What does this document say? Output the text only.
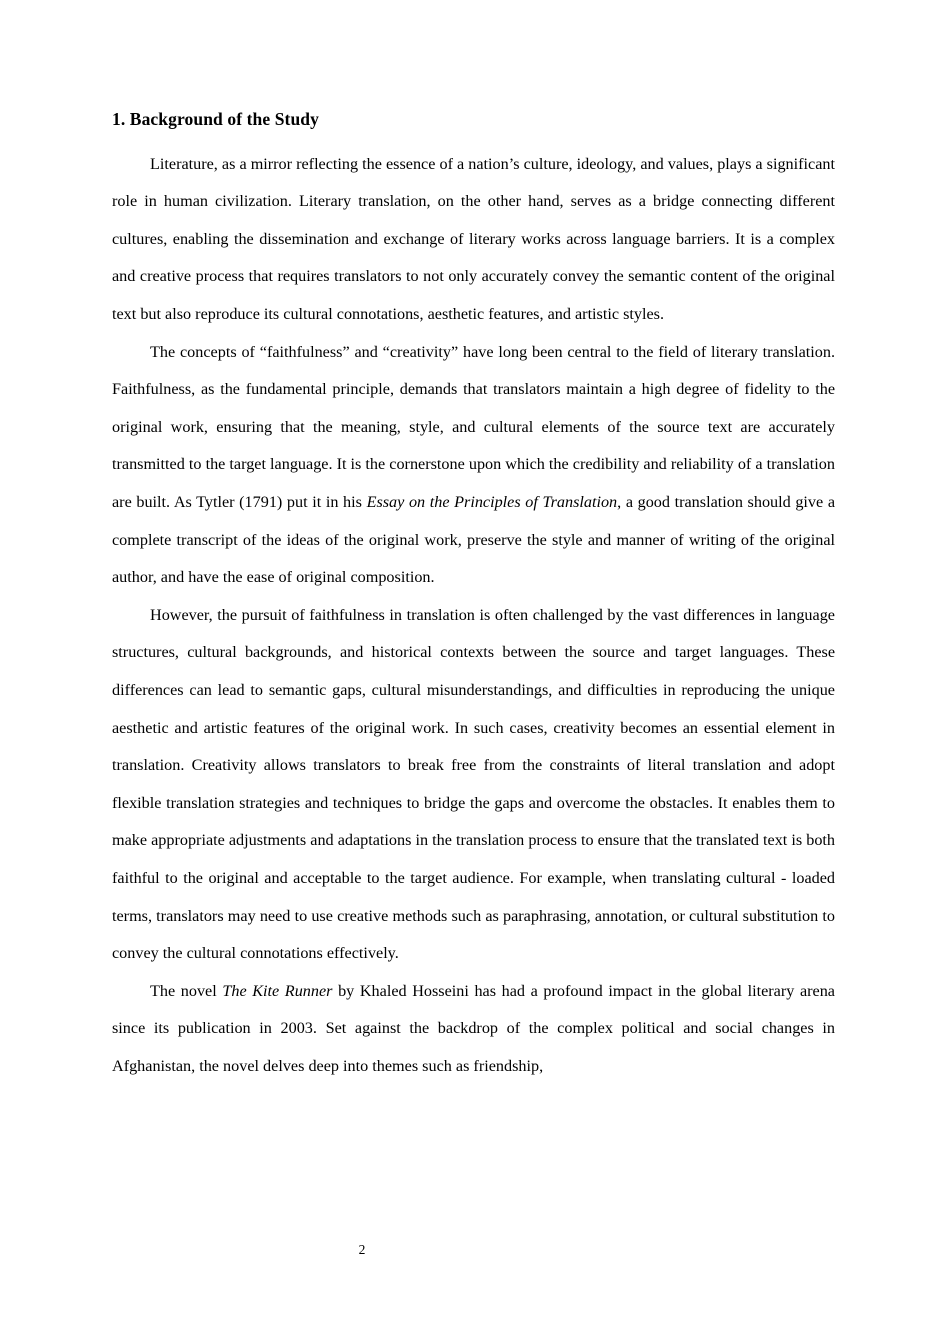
1. Background of the Study

Literature, as a mirror reflecting the essence of a nation’s culture, ideology, and values, plays a significant role in human civilization. Literary translation, on the other hand, serves as a bridge connecting different cultures, enabling the dissemination and exchange of literary works across language barriers. It is a complex and creative process that requires translators to not only accurately convey the semantic content of the original text but also reproduce its cultural connotations, aesthetic features, and artistic styles.

The concepts of “faithfulness” and “creativity” have long been central to the field of literary translation. Faithfulness, as the fundamental principle, demands that translators maintain a high degree of fidelity to the original work, ensuring that the meaning, style, and cultural elements of the source text are accurately transmitted to the target language. It is the cornerstone upon which the credibility and reliability of a translation are built. As Tytler (1791) put it in his Essay on the Principles of Translation, a good translation should give a complete transcript of the ideas of the original work, preserve the style and manner of writing of the original author, and have the ease of original composition.

However, the pursuit of faithfulness in translation is often challenged by the vast differences in language structures, cultural backgrounds, and historical contexts between the source and target languages. These differences can lead to semantic gaps, cultural misunderstandings, and difficulties in reproducing the unique aesthetic and artistic features of the original work. In such cases, creativity becomes an essential element in translation. Creativity allows translators to break free from the constraints of literal translation and adopt flexible translation strategies and techniques to bridge the gaps and overcome the obstacles. It enables them to make appropriate adjustments and adaptations in the translation process to ensure that the translated text is both faithful to the original and acceptable to the target audience. For example, when translating cultural - loaded terms, translators may need to use creative methods such as paraphrasing, annotation, or cultural substitution to convey the cultural connotations effectively.

The novel The Kite Runner by Khaled Hosseini has had a profound impact in the global literary arena since its publication in 2003. Set against the backdrop of the complex political and social changes in Afghanistan, the novel delves deep into themes such as friendship,

2
